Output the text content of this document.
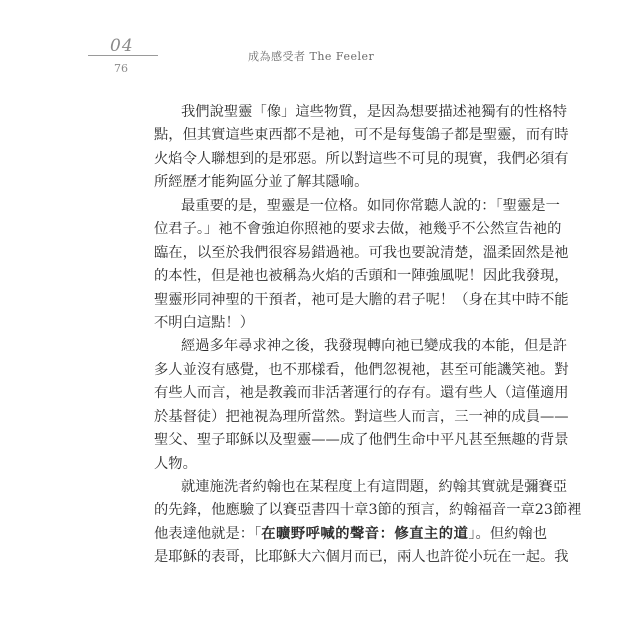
04
76
成為感受者 The Feeler
我們說聖靈「像」這些物質，是因為想要描述祂獨有的性格特
點，但其實這些東西都不是祂，可不是每隻鴿子都是聖靈，而有時
火焰令人聯想到的是邪惡。所以對這些不可見的現實，我們必須有
所經歷才能夠區分並了解其隱喻。
最重要的是，聖靈是一位格。如同你常聽人說的：「聖靈是一
位君子。」祂不會強迫你照祂的要求去做，祂幾乎不公然宣告祂的
臨在，以至於我們很容易錯過祂。可我也要說清楚，溫柔固然是祂
的本性，但是祂也被稱為火焰的舌頭和一陣強風呢！因此我發現，
聖靈形同神聖的干預者，祂可是大膽的君子呢！（身在其中時不能
不明白這點！）
經過多年尋求神之後，我發現轉向祂已變成我的本能，但是許
多人並沒有感覺，也不那樣看，他們忽視祂，甚至可能譏笑祂。對
有些人而言，祂是教義而非活著運行的存有。還有些人（這僅適用
於基督徒）把祂視為理所當然。對這些人而言，三一神的成員——
聖父、聖子耶穌以及聖靈——成了他們生命中平凡甚至無趣的背景
人物。
就連施洗者約翰也在某程度上有這問題，約翰其實就是彌賽亞
的先鋒，他應驗了以賽亞書四十章3節的預言，約翰福音一章23節裡
他表達他就是：「在曠野呼喊的聲音：修直主的道」。但約翰也
是耶穌的表哥，比耶穌大六個月而已，兩人也許從小玩在一起。我
